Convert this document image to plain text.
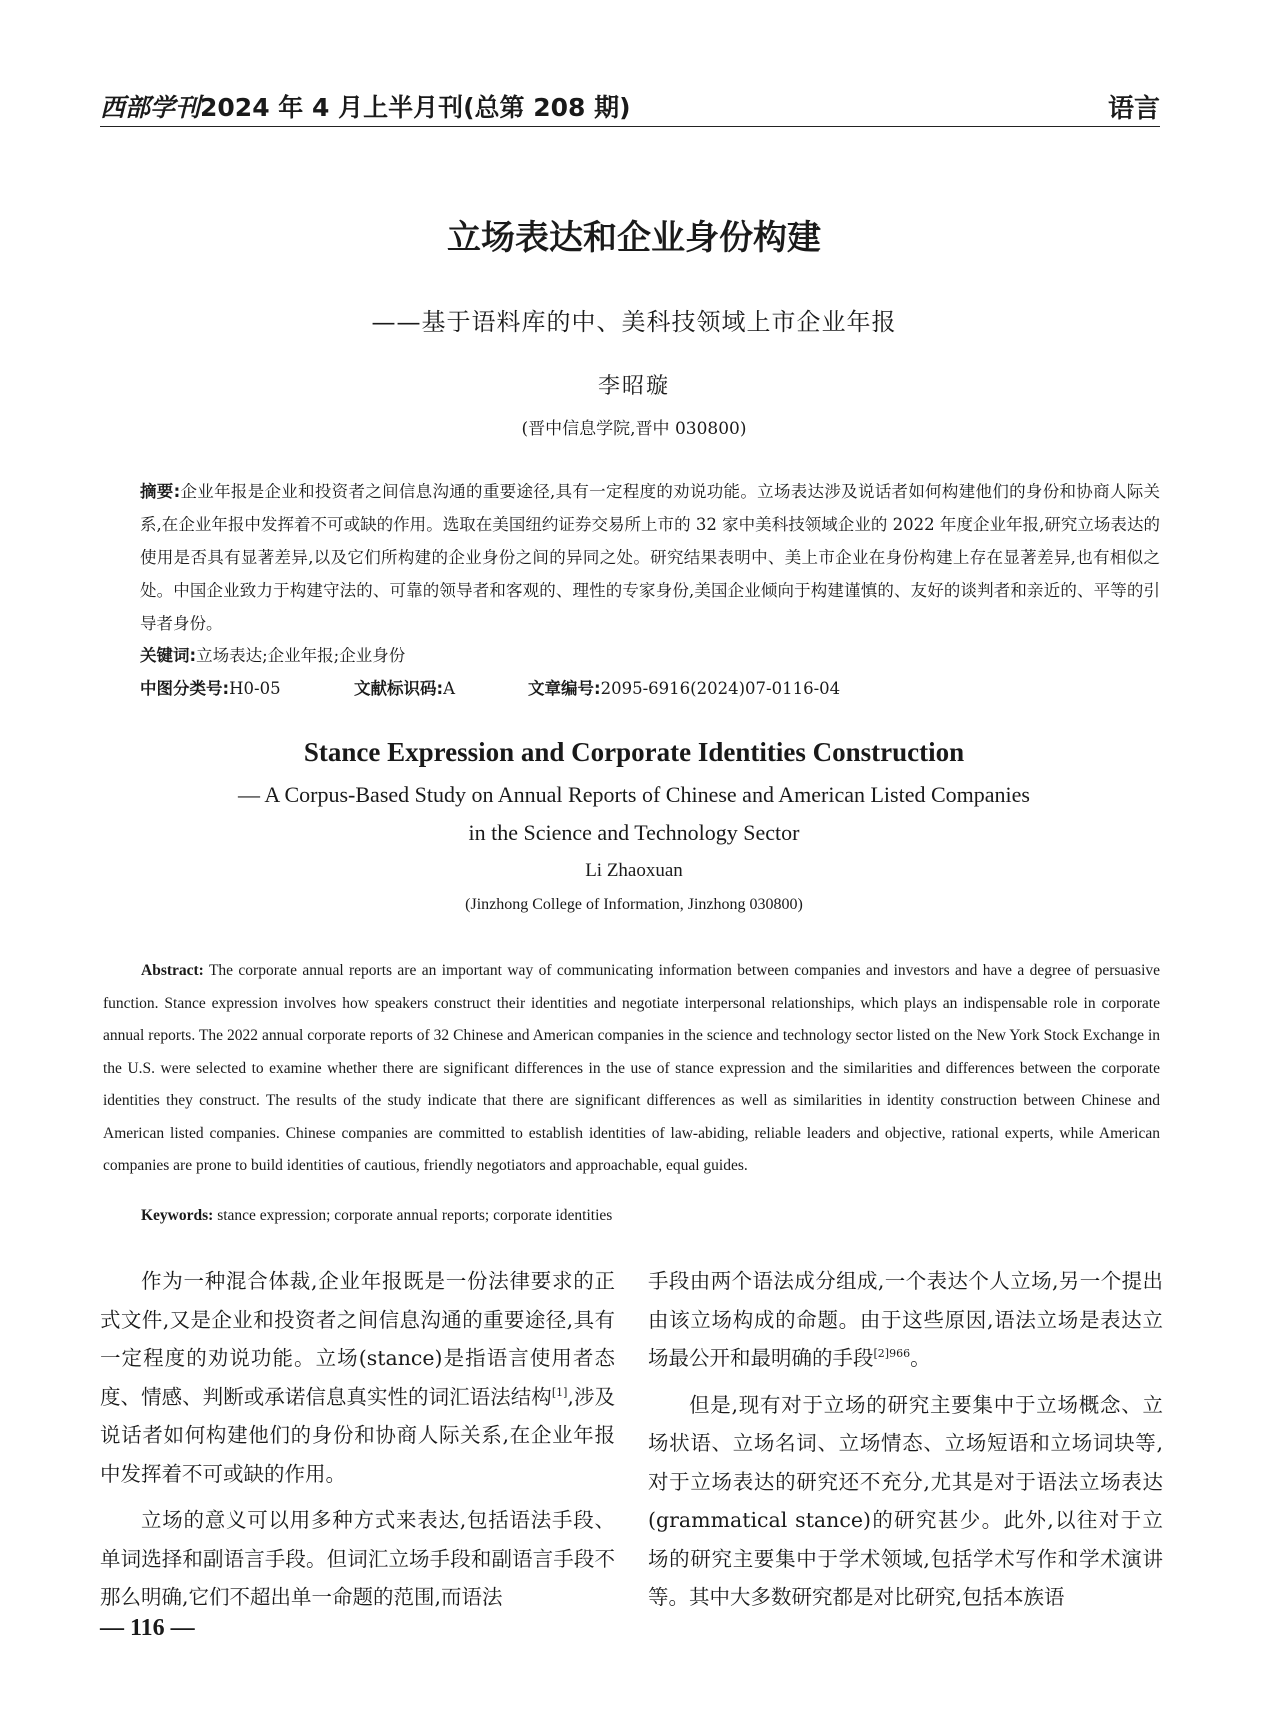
西部学刊2024 年 4 月上半月刊(总第 208 期)	语言
立场表达和企业身份构建
——基于语料库的中、美科技领域上市企业年报
李昭璇
(晋中信息学院,晋中 030800)
摘要:企业年报是企业和投资者之间信息沟通的重要途径,具有一定程度的劝说功能。立场表达涉及说话者如何构建他们的身份和协商人际关系,在企业年报中发挥着不可或缺的作用。选取在美国纽约证券交易所上市的 32 家中美科技领域企业的 2022 年度企业年报,研究立场表达的使用是否具有显著差异,以及它们所构建的企业身份之间的异同之处。研究结果表明中、美上市企业在身份构建上存在显著差异,也有相似之处。中国企业致力于构建守法的、可靠的领导者和客观的、理性的专家身份,美国企业倾向于构建谨慎的、友好的谈判者和亲近的、平等的引导者身份。
关键词:立场表达;企业年报;企业身份
中图分类号:H0-05	文献标识码:A	文章编号:2095-6916(2024)07-0116-04
Stance Expression and Corporate Identities Construction
— A Corpus-Based Study on Annual Reports of Chinese and American Listed Companies
in the Science and Technology Sector
Li Zhaoxuan
(Jinzhong College of Information, Jinzhong 030800)
Abstract: The corporate annual reports are an important way of communicating information between companies and investors and have a degree of persuasive function. Stance expression involves how speakers construct their identities and negotiate interpersonal relationships, which plays an indispensable role in corporate annual reports. The 2022 annual corporate reports of 32 Chinese and American companies in the science and technology sector listed on the New York Stock Exchange in the U.S. were selected to examine whether there are significant differences in the use of stance expression and the similarities and differences between the corporate identities they construct. The results of the study indicate that there are significant differences as well as similarities in identity construction between Chinese and American listed companies. Chinese companies are committed to establish identities of law-abiding, reliable leaders and objective, rational experts, while American companies are prone to build identities of cautious, friendly negotiators and approachable, equal guides.
Keywords: stance expression; corporate annual reports; corporate identities

作为一种混合体裁,企业年报既是一份法律要求的正式文件,又是企业和投资者之间信息沟通的重要途径,具有一定程度的劝说功能。立场(stance)是指语言使用者态度、情感、判断或承诺信息真实性的词汇语法结构[1],涉及说话者如何构建他们的身份和协商人际关系,在企业年报中发挥着不可或缺的作用。

立场的意义可以用多种方式来表达,包括语法手段、单词选择和副语言手段。但词汇立场手段和副语言手段不那么明确,它们不超出单一命题的范围,而语法

手段由两个语法成分组成,一个表达个人立场,另一个提出由该立场构成的命题。由于这些原因,语法立场是表达立场最公开和最明确的手段$^{[2]966}$。

但是,现有对于立场的研究主要集中于立场概念、立场状语、立场名词、立场情态、立场短语和立场词块等,对于立场表达的研究还不充分,尤其是对于语法立场表达(grammatical stance)的研究甚少。此外,以往对于立场的研究主要集中于学术领域,包括学术写作和学术演讲等。其中大多数研究都是对比研究,包括本族语

— 116 —
